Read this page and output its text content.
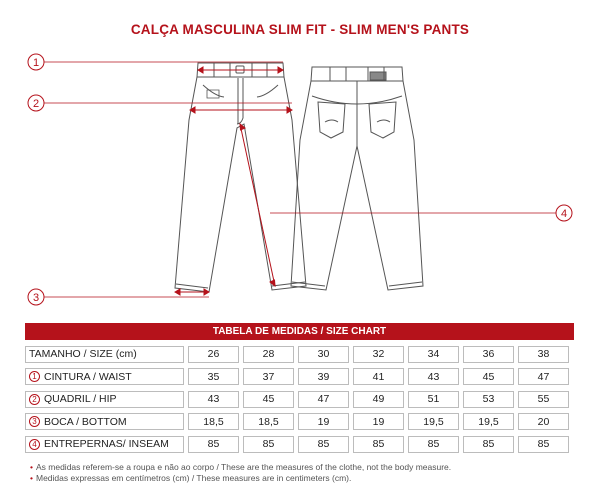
CALÇA MASCULINA SLIM FIT - SLIM MEN'S PANTS
1
2
3
4
TABELA DE MEDIDAS / SIZE CHART
TAMANHO / SIZE (cm)	26	28	30	32	34	36	38
1 CINTURA / WAIST	35	37	39	41	43	45	47
2 QUADRIL / HIP	43	45	47	49	51	53	55
3 BOCA / BOTTOM	18,5	18,5	19	19	19,5	19,5	20
4 ENTREPERNAS/ INSEAM	85	85	85	85	85	85	85
• As medidas referem-se a roupa e não ao corpo / These are the measures of the clothe, not the body measure.
• Medidas expressas em centímetros (cm) / These measures are in centimeters (cm).
